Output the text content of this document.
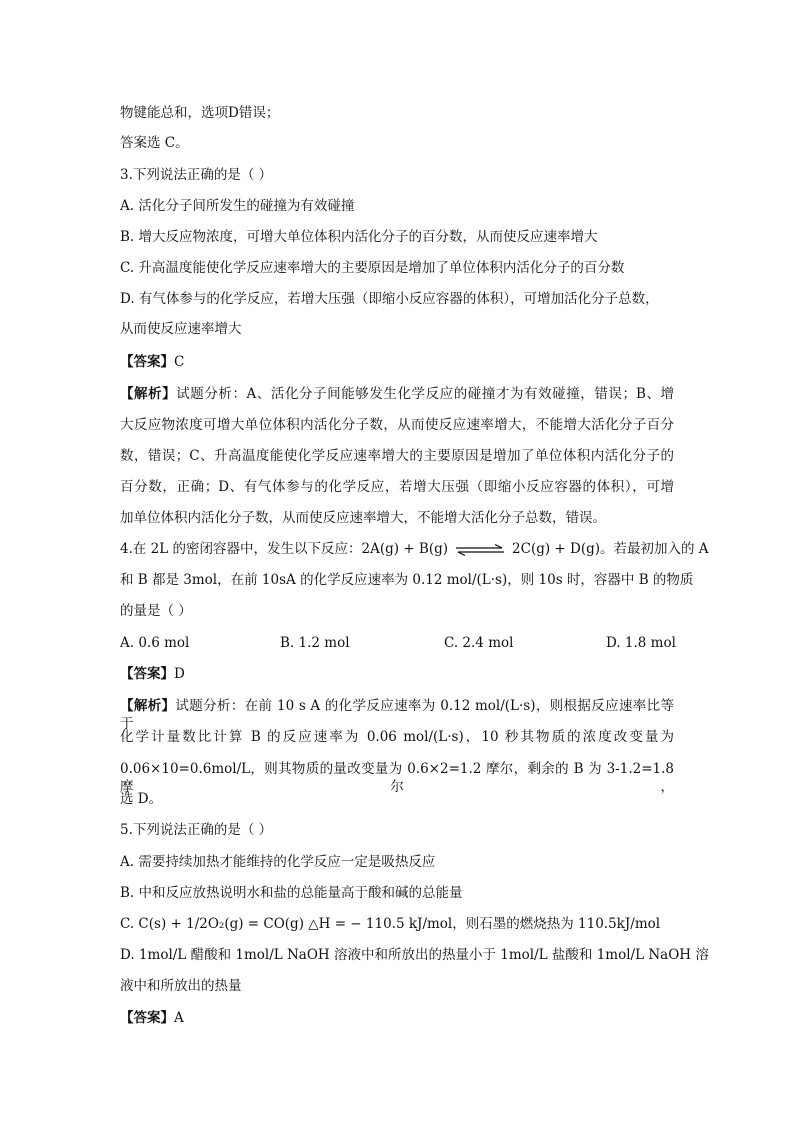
物键能总和，选项D错误；
答案选 C。
3.下列说法正确的是（ ）
A. 活化分子间所发生的碰撞为有效碰撞
B. 增大反应物浓度，可增大单位体积内活化分子的百分数，从而使反应速率增大
C. 升高温度能使化学反应速率增大的主要原因是增加了单位体积内活化分子的百分数
D. 有气体参与的化学反应，若增大压强（即缩小反应容器的体积），可增加活化分子总数，
从而使反应速率增大
【答案】C
【解析】试题分析：A、活化分子间能够发生化学反应的碰撞才为有效碰撞，错误；B、增
大反应物浓度可增大单位体积内活化分子数，从而使反应速率增大，不能增大活化分子百分
数，错误；C、升高温度能使化学反应速率增大的主要原因是增加了单位体积内活化分子的
百分数，正确；D、有气体参与的化学反应，若增大压强（即缩小反应容器的体积），可增
加单位体积内活化分子数，从而使反应速率增大，不能增大活化分子总数，错误。
4.在 2L 的密闭容器中，发生以下反应：2A(g) + B(g) ⇌ 2C(g) + D(g)。若最初加入的 A
和 B 都是 3mol，在前 10sA 的化学反应速率为 0.12 mol/(L·s)，则 10s 时，容器中 B 的物质
的量是（ ）
A. 0.6 mol	B. 1.2 mol	C. 2.4 mol	D. 1.8 mol
【答案】D
【解析】试题分析：在前 10 s A 的化学反应速率为 0.12 mol/(L·s)，则根据反应速率比等于
化学计量数比计算 B 的反应速率为 0.06 mol/(L·s)，10 秒其物质的浓度改变量为
0.06×10=0.6mol/L，则其物质的量改变量为 0.6×2=1.2 摩尔，剩余的 B 为 3-1.2=1.8 摩尔，
选 D。
5.下列说法正确的是（ ）
A. 需要持续加热才能维持的化学反应一定是吸热反应
B. 中和反应放热说明水和盐的总能量高于酸和碱的总能量
C. C(s) + 1/2O₂(g) = CO(g) △H = − 110.5 kJ/mol，则石墨的燃烧热为 110.5kJ/mol
D. 1mol/L 醋酸和 1mol/L NaOH 溶液中和所放出的热量小于 1mol/L 盐酸和 1mol/L NaOH 溶
液中和所放出的热量
【答案】A
